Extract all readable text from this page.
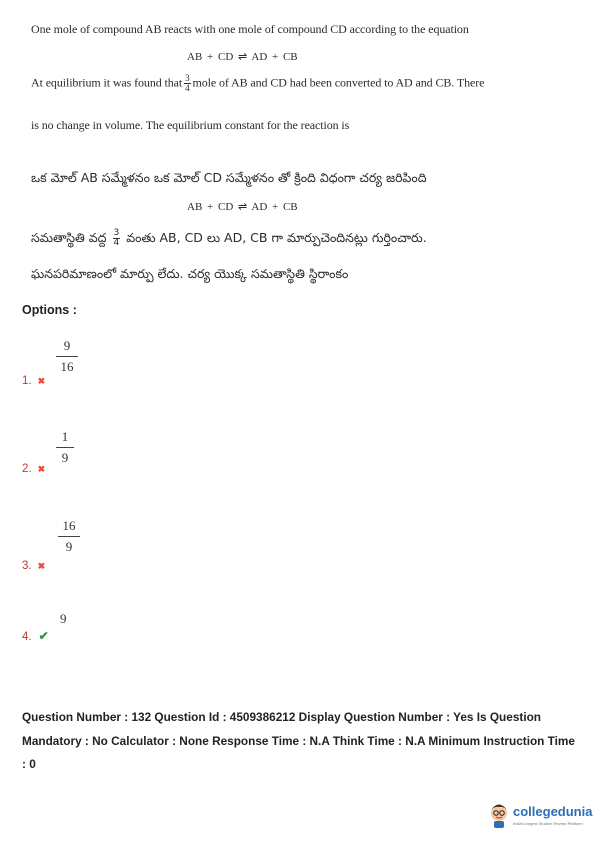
One mole of compound AB reacts with one mole of compound CD according to the equation
AB + CD ⇌ AD + CB
At equilibrium it was found that $\frac{3}{4}$ mole of AB and CD had been converted to AD and CB. There
is no change in volume. The equilibrium constant for the reaction is
ఒక మోల్ AB సమ్మేళనం ఒక మోల్ CD సమ్మేళనం తో క్రింది విధంగా చర్య జరిపింది
AB + CD ⇌ AD + CB
సమతాస్థితి వద్ద $\frac{3}{4}$ వంతు AB, CD లు AD, CB గా మార్పుచెందినట్లు గుర్తించారు.
ఘనపరిమాణంలో మార్పు లేదు. చర్య యొక్క సమతాస్థితి స్థిరాంకం
Options :
$\frac{9}{16}$
1. ✖
$\frac{1}{9}$
2. ✖
$\frac{16}{9}$
3. ✖
9
4. ✔
Question Number : 132 Question Id : 4509386212 Display Question Number : Yes Is Question Mandatory : No Calculator : None Response Time : N.A Think Time : N.A Minimum Instruction Time : 0
collegedunia
India's largest Student Review Platform
